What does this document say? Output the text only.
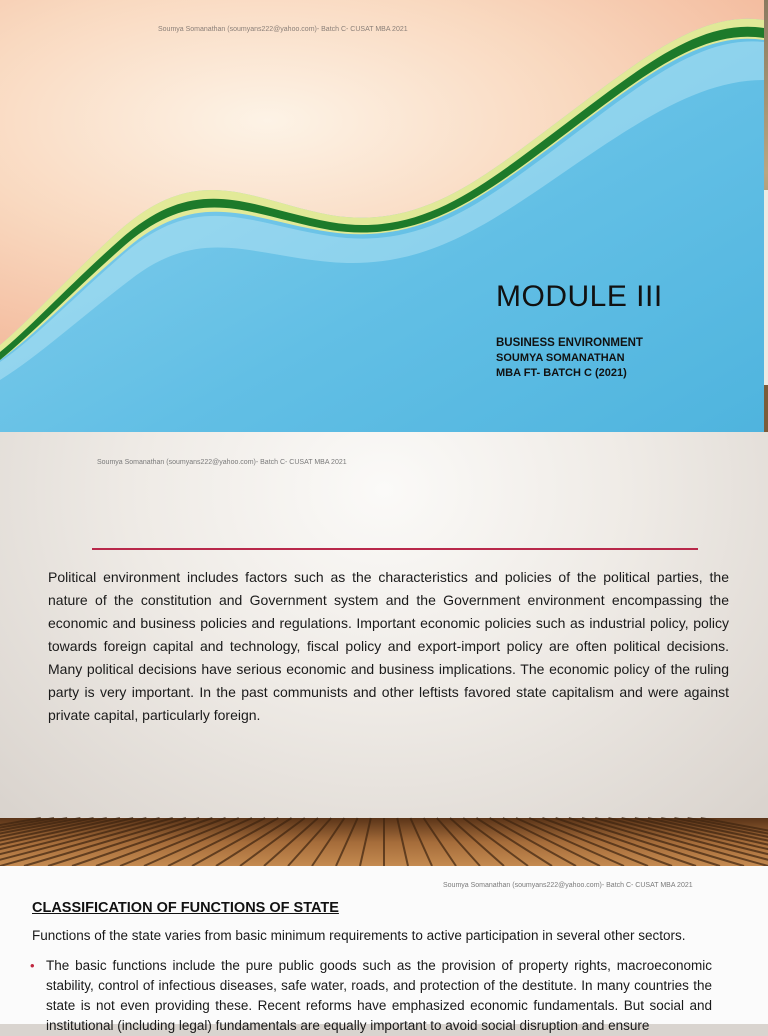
Soumya Somanathan (soumyans222@yahoo.com)- Batch C- CUSAT MBA 2021
MODULE III
BUSINESS ENVIRONMENT
SOUMYA SOMANATHAN
MBA FT- BATCH C (2021)
Soumya Somanathan (soumyans222@yahoo.com)- Batch C- CUSAT MBA 2021

Political environment includes factors such as the characteristics and policies of the political parties, the nature of the constitution and Government system and the Government environment encompassing the economic and business policies and regulations. Important economic policies such as industrial policy, policy towards foreign capital and technology, fiscal policy and export-import policy are often political decisions. Many political decisions have serious economic and business implications. The economic policy of the ruling party is very important. In the past communists and other leftists favored state capitalism and were against private capital, particularly foreign.

Soumya Somanathan (soumyans222@yahoo.com)- Batch C- CUSAT MBA 2021
CLASSIFICATION OF FUNCTIONS OF STATE
Functions of the state varies from basic minimum requirements to active participation in several other sectors.
• The basic functions include the pure public goods such as the provision of property rights, macroeconomic stability, control of infectious diseases, safe water, roads, and protection of the destitute. In many countries the state is not even providing these. Recent reforms have emphasized economic fundamentals. But social and institutional (including legal) fundamentals are equally important to avoid social disruption and ensure
